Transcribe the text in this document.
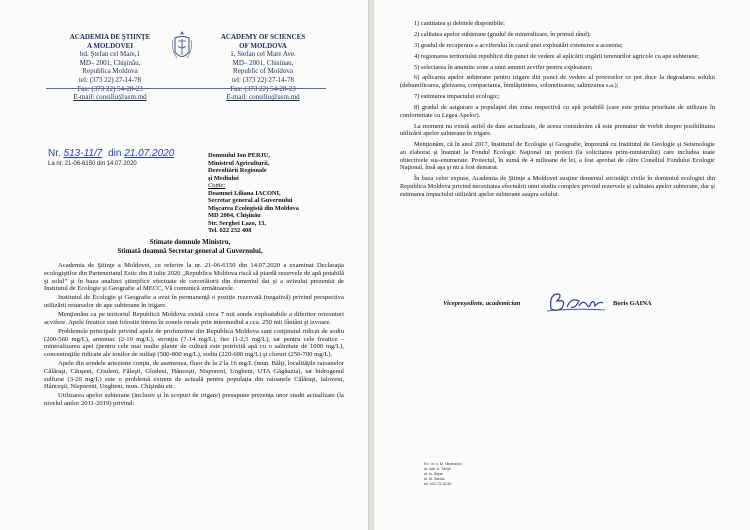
ACADEMIA DE ŞTIINŢE
A MOLDOVEI
bd. Ştefan cel Mare,1
MD– 2001, Chişinău,
Republica Moldova
tel: (373 22) 27-14-78
E-mail: consiliu@asm.md
ACADEMY OF SCIENCES
OF MOLDOVA
1, Stefan cel Mare Ave.
MD– 2001, Chisinau,
Republic of Moldova
tel: (373 22) 27-14-78
E-mail: consiliu@asm.md
Nr. 513-11/7 din 21.07.2020
La nr. 21-06-6150 din 14.07.2020
Domnului Ion PERJU,
Ministrul Agriculturii,
Dezvoltării Regionale
şi Mediului
Copie:
Doamnei Liliana IACONI,
Secretar general al Guvernului
Mişcarea Ecologistă din Moldova
MD 2004, Chişinău
Str. Serghei Lazo, 13,
Tel. 022 232 408
Stimate domnule Ministru,
Stimată doamnă Secretar general al Guvernului,

Academia de Ştiinţe a Moldovei, cu referire la nr. 21-06-6150 din 14.07.2020 a examinat Declaraţia ecologiştilor din Parteneriatul Estic din 8 iulie 2020 „Republica Moldova riscă să piardă rezervele de apă potabilă şi solul” şi în baza analizei ştiinţifice efectuate de cercetătorii din domeniul dat şi a avizului prezentat de Institutul de Ecologie şi Geografie al MECC, Vă comunică următoarele.

Institutul de Ecologie şi Geografie a avut în permanenţă o poziţie rezervată (negativă) privind perspectiva utilizării resurselor de ape subterane în irigare.

Menţionăm ca pe teritoriul Republicii Moldova există circa 7 mii sonde exploatabile a diferitor orizonturi acvifere. Apele freatice sunt folosite intens în zonele rurale prin intermediul a cca. 250 mii fântâni şi izvoare.

Problemele principale privind apele de profunzime din Republica Moldova sunt conţinutul ridicat de sodiu (200-560 mg/L), amoniac (2-10 mg/L), stronţiu (7-14 mg/L), fier (1-2,5 mg/L), iar pentru cele freatice – mineralizarea apei (pentru cele mai multe plante de cultură este potrivită apă cu o salinitate de 1000 mg/L), concentraţiile ridicate ale ionilor de sulfaţi (500-800 mg/L), sodiu (220-600 mg/L) şi cloruri (250-700 mg/L).

Apele din sondele arteziene conţin, de asemenea, fluor de la 2 la 16 mg/L (mun. Bălţi, localităţile raioanelor Călăraşi, Căuşeni, Criuleni, Făleşti, Glodeni, Hânceşti, Nisporeni, Ungheni, UTA Găgăuzia), iar hidrogenul sulfurat (3-20 mg/L) este o problemă extrem de actuală pentru populaţia din raioanele Călăraşi, Ialoveni, Hânceşti, Nisporeni, Ungheni, mun. Chişinău etc.

Utilizarea apelor subterane (inclusiv şi în scopuri de irigare) presupune prezenţa unor studii actualizate (la nivelul anilor 2011-2019) privind:

1) cantitatea şi debitele disponibile;

2) calitatea apelor subterane (gradul de mineralizare, în primul rând);

3) gradul de recuperare a acviferului în cazul unei exploatări extensive a acestuia;

4) regionarea teritoriului republicii din punct de vedere al aplicării irigării terenurilor agricole cu ape subterane;

5) selectarea în anumite zone a unui anumit acvifer pentru exploatare;

6) aplicarea apelor subterane pentru irigare din punct de vedere al proceselor ce pot duce la degradarea solului (dehumificarea, gleizarea, compactarea, înmlăştinirea, solonetizarea, salinizarea s.a.);

7) estimarea impactului ecologic;

8) gradul de asigurare a populaţiei din zona respectivă cu apă potabilă (care este prima prioritate de utilizare în conformitate cu Legea Apelor).

La moment nu există astfel de date actualizate, de aceea considerăm că este prematur de vorbit despre posibilitatea utilizării apelor subterane în irigare.

Menţionăm, că în anul 2017, Institutul de Ecologie şi Geografie, împreună cu Institutul de Geologie şi Seismologie au elaborat şi înaintat la Fondul Ecologic Naţional un proiect (la solicitarea prim-ministrului) care includea toate obiectivele sus-enumerate. Proiectul, în sumă de 4 milioane de lei, a fost aprobat de către Consiliul Fondului Ecologic Naţional, însă aşa şi nu a fost demarat.

În baza celor expuse, Academia de Ştiinţe a Moldovei susţine demersul societăţii civile în domeniul ecologiei din Republica Moldova privind necesitatea efectuării unui studiu complex privind rezervele şi calitatea apelor subterane, dar şi estimarea impactului utilizării apelor subterane asupra solului.

Vicepreşedinte, academician	Boris GAINA
Ex.: m. c. M. Nedealcov
dr. hab. A. Tărîţă
dr. Iu. Bejan
dr. M. Sanda
tel. 022-73-15-50
